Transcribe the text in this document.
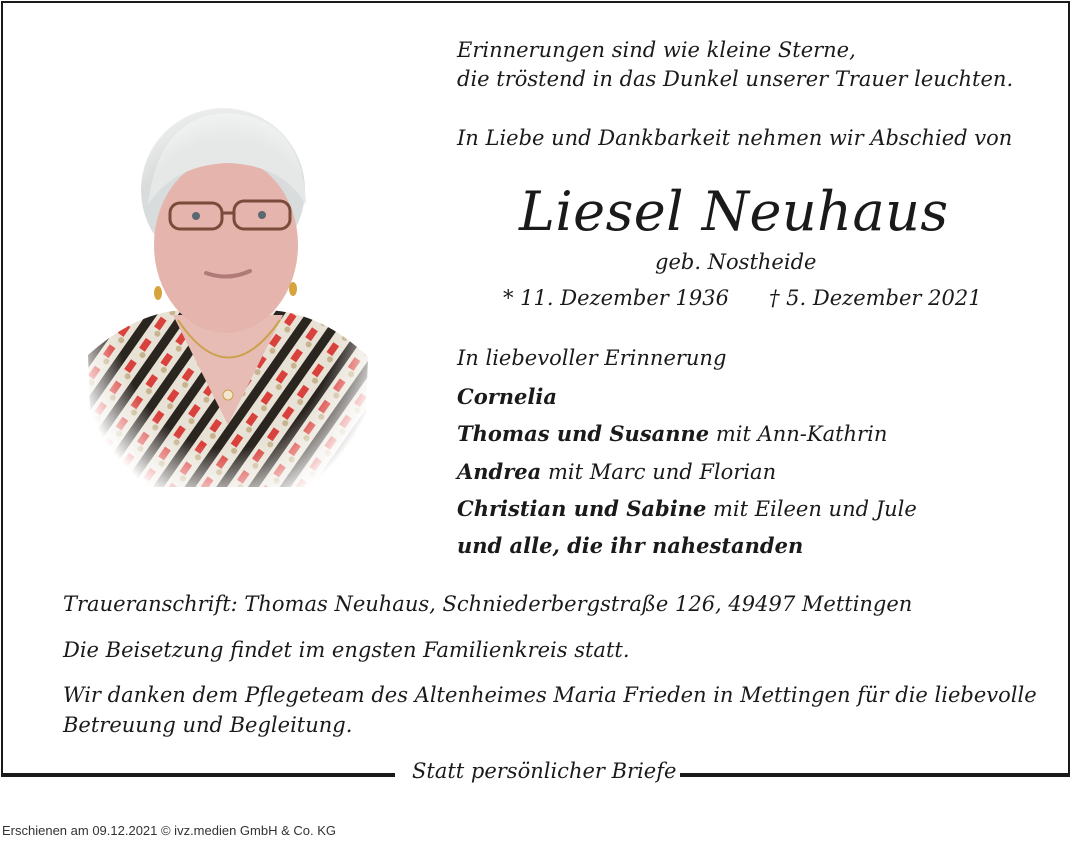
Statt persönlicher Briefe
Erinnerungen sind wie kleine Sterne,
die tröstend in das Dunkel unserer Trauer leuchten.
In Liebe und Dankbarkeit nehmen wir Abschied von
Liesel Neuhaus
geb. Nostheide
* 11. Dezember 1936 † 5. Dezember 2021
In liebevoller Erinnerung
Cornelia
Thomas und Susanne mit Ann-Kathrin
Andrea mit Marc und Florian
Christian und Sabine mit Eileen und Jule
und alle, die ihr nahestanden
Traueranschrift: Thomas Neuhaus, Schniederbergstraße 126, 49497 Mettingen
Die Beisetzung findet im engsten Familienkreis statt.
Wir danken dem Pflegeteam des Altenheimes Maria Frieden in Mettingen für die liebevolle
Betreuung und Begleitung.
Erschienen am 09.12.2021 © ivz.medien GmbH & Co. KG
